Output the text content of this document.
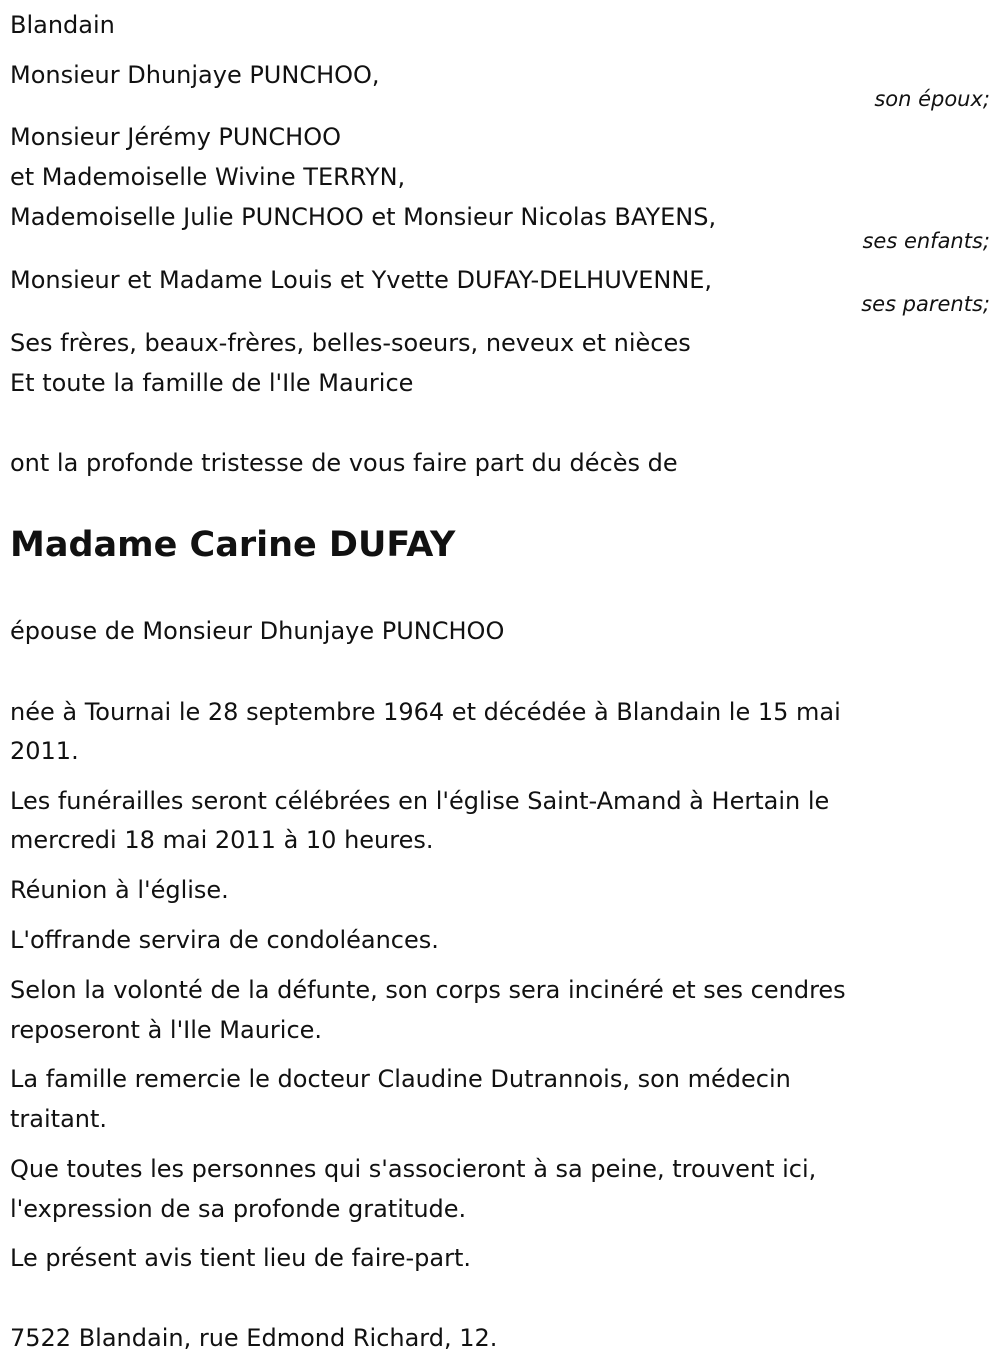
Blandain
Monsieur Dhunjaye PUNCHOO,
son époux;
Monsieur Jérémy PUNCHOO
et Mademoiselle Wivine TERRYN,
Mademoiselle Julie PUNCHOO et Monsieur Nicolas BAYENS,
ses enfants;
Monsieur et Madame Louis et Yvette DUFAY-DELHUVENNE,
ses parents;
Ses frères, beaux-frères, belles-soeurs, neveux et nièces
Et toute la famille de l'Ile Maurice
ont la profonde tristesse de vous faire part du décès de
Madame Carine DUFAY
épouse de Monsieur Dhunjaye PUNCHOO
née à Tournai le 28 septembre 1964 et décédée à Blandain le 15 mai
2011.
Les funérailles seront célébrées en l'église Saint-Amand à Hertain le
mercredi 18 mai 2011 à 10 heures.
Réunion à l'église.
L'offrande servira de condoléances.
Selon la volonté de la défunte, son corps sera incinéré et ses cendres
reposeront à l'Ile Maurice.
La famille remercie le docteur Claudine Dutrannois, son médecin
traitant.
Que toutes les personnes qui s'associeront à sa peine, trouvent ici,
l'expression de sa profonde gratitude.
Le présent avis tient lieu de faire-part.
7522 Blandain, rue Edmond Richard, 12.
